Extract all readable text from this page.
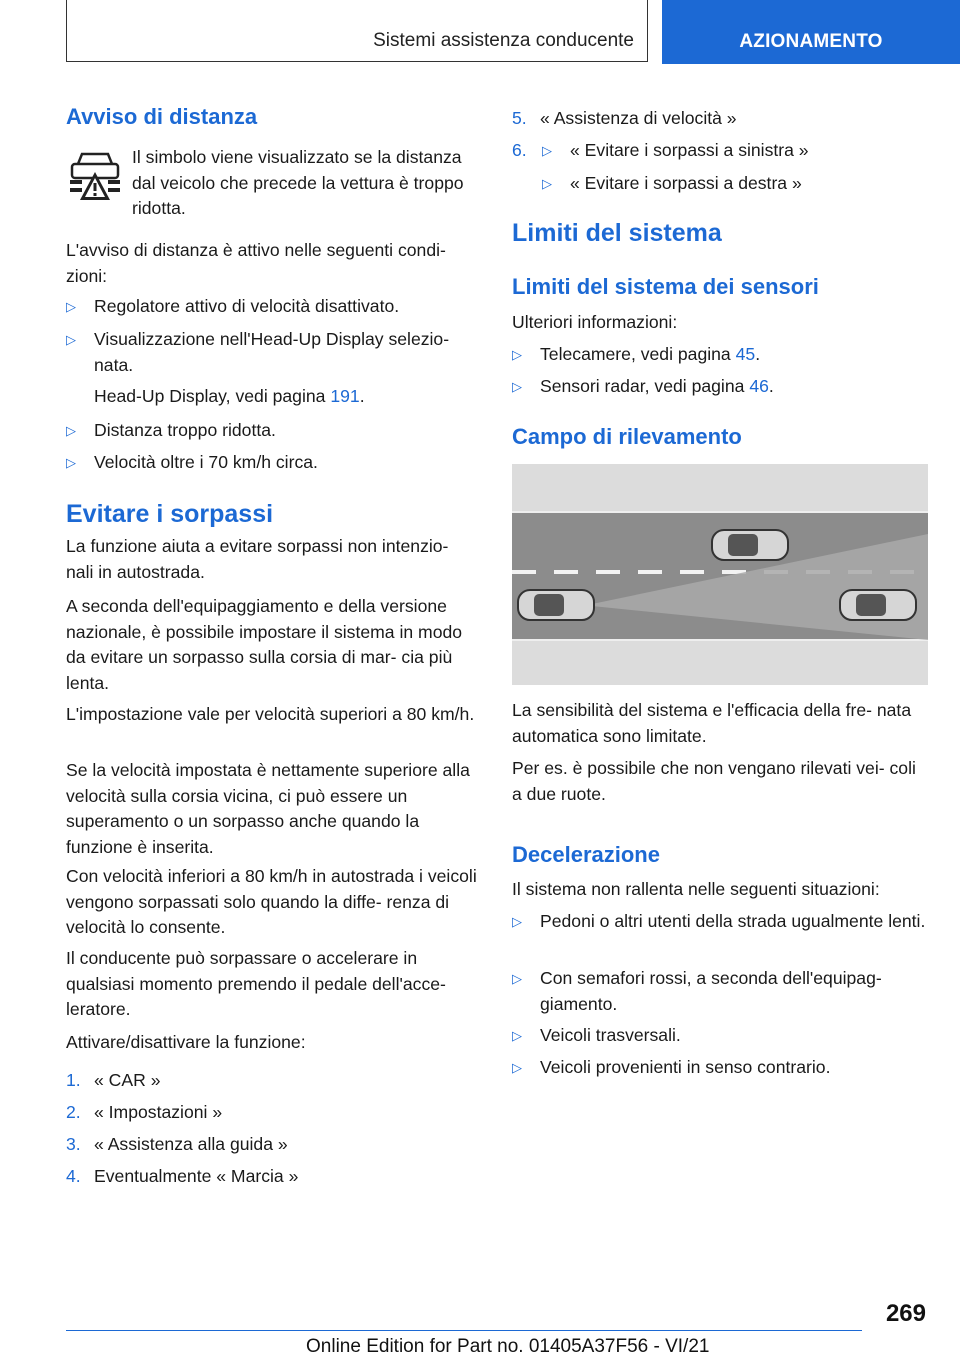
Sistemi assistenza conducente	AZIONAMENTO
Avviso di distanza
Il simbolo viene visualizzato se la distanza dal veicolo che precede la vettura è troppo ridotta.
L'avviso di distanza è attivo nelle seguenti condi- zioni:
▷ Regolatore attivo di velocità disattivato.
▷ Visualizzazione nell'Head-Up Display selezio- nata.
Head-Up Display, vedi pagina 191.
▷ Distanza troppo ridotta.
▷ Velocità oltre i 70 km/h circa.
Evitare i sorpassi
La funzione aiuta a evitare sorpassi non intenzio- nali in autostrada.
A seconda dell'equipaggiamento e della versione nazionale, è possibile impostare il sistema in modo da evitare un sorpasso sulla corsia di mar- cia più lenta.
L'impostazione vale per velocità superiori a 80 km/h.
Se la velocità impostata è nettamente superiore alla velocità sulla corsia vicina, ci può essere un superamento o un sorpasso anche quando la funzione è inserita.
Con velocità inferiori a 80 km/h in autostrada i veicoli vengono sorpassati solo quando la diffe- renza di velocità lo consente.
Il conducente può sorpassare o accelerare in qualsiasi momento premendo il pedale dell'acce- leratore.
Attivare/disattivare la funzione:
1. « CAR »
2. « Impostazioni »
3. « Assistenza alla guida »
4. Eventualmente « Marcia »
5. « Assistenza di velocità »
6. « Evitare i sorpassi a sinistra »
▷
▷ « Evitare i sorpassi a destra »
Limiti del sistema
Limiti del sistema dei sensori
Ulteriori informazioni:
▷ Telecamere, vedi pagina 45.
▷ Sensori radar, vedi pagina 46.
Campo di rilevamento
La sensibilità del sistema e l'efficacia della fre- nata automatica sono limitate.
Per es. è possibile che non vengano rilevati vei- coli a due ruote.
Decelerazione
Il sistema non rallenta nelle seguenti situazioni:
▷ Pedoni o altri utenti della strada ugualmente lenti.
▷ Con semafori rossi, a seconda dell'equipag- giamento.
▷ Veicoli trasversali.
▷ Veicoli provenienti in senso contrario.
269
Online Edition for Part no. 01405A37F56 - VI/21
